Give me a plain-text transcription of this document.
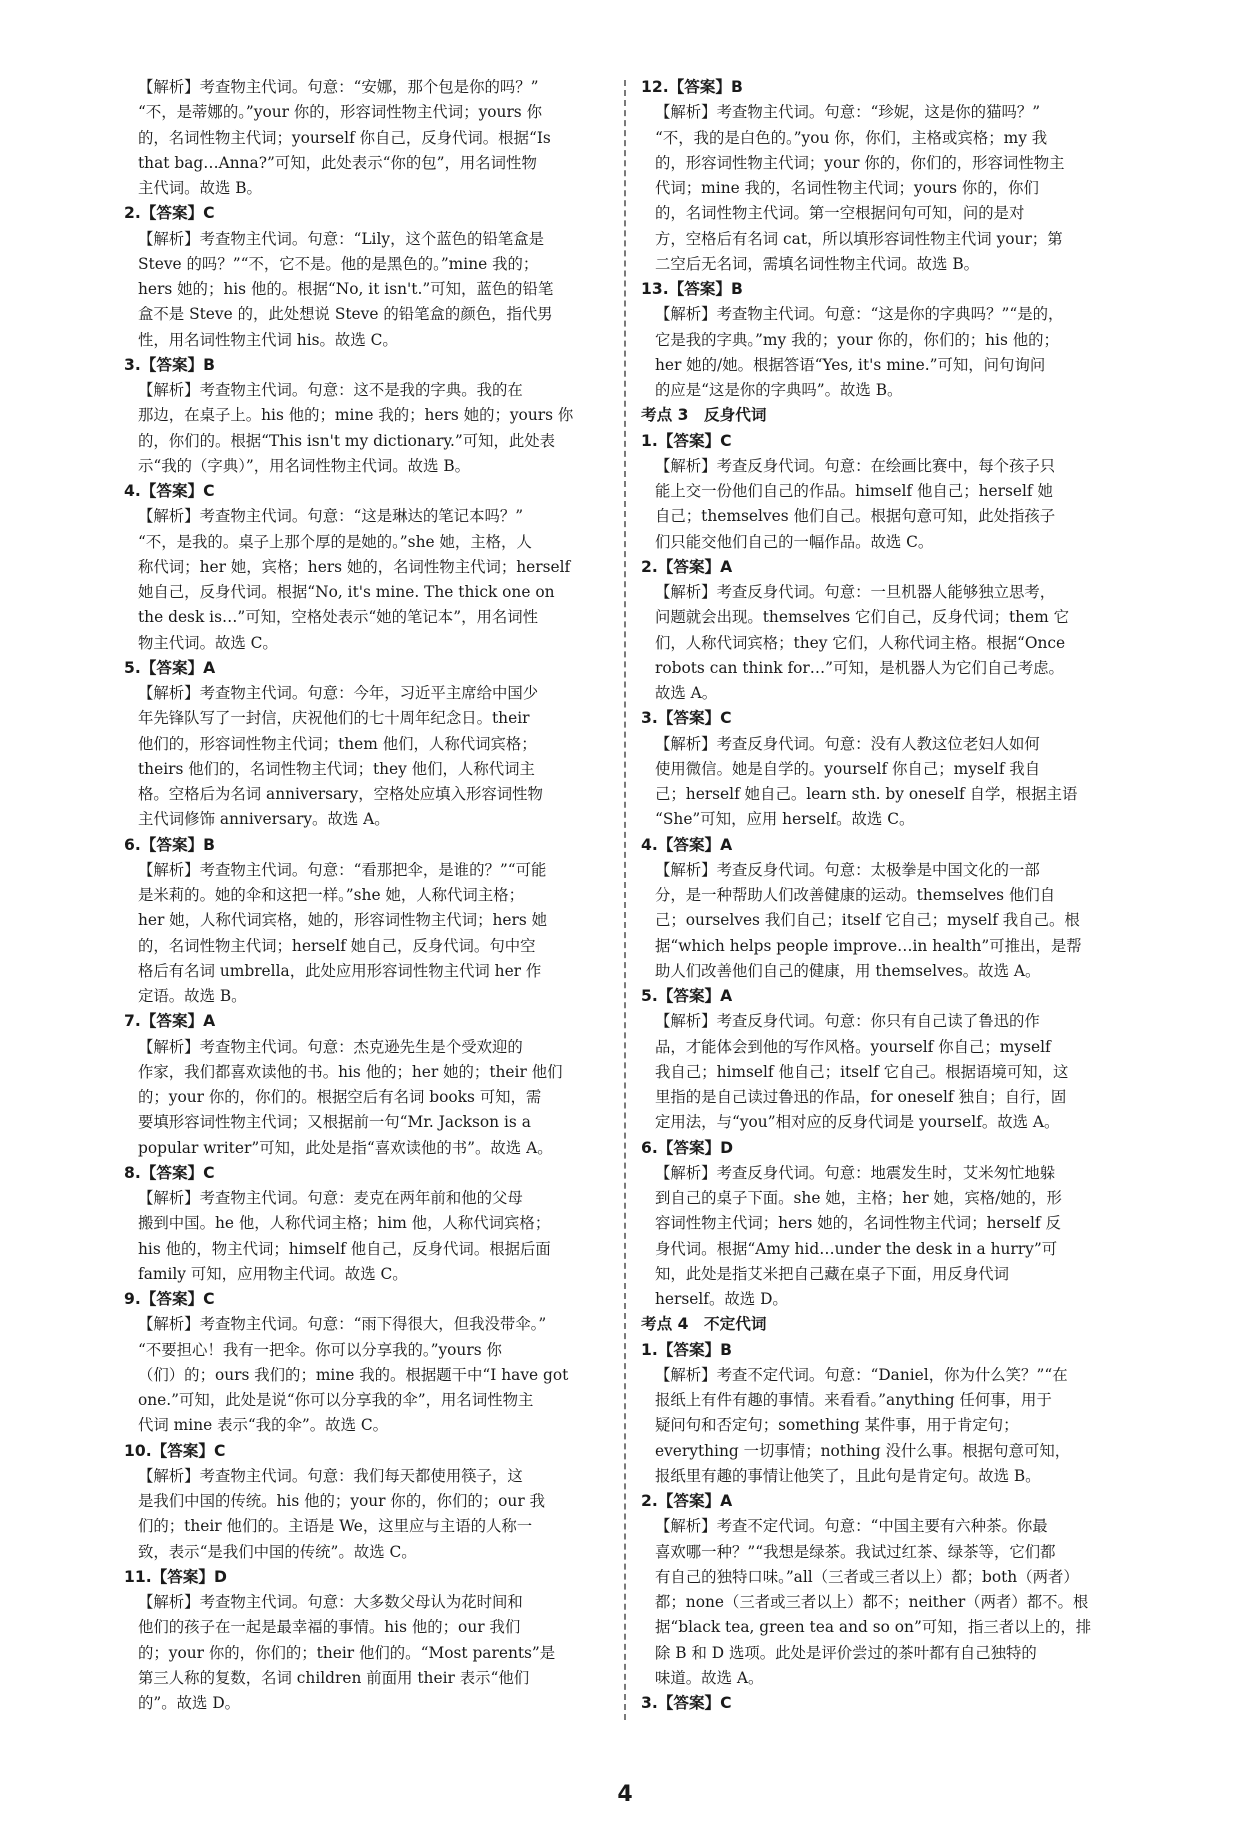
【解析】考查物主代词。句意：“安娜，那个包是你的吗？”
“不，是蒂娜的。”your 你的，形容词性物主代词；yours 你
的，名词性物主代词；yourself 你自己，反身代词。根据“Is
that bag…Anna?”可知，此处表示“你的包”，用名词性物
主代词。故选 B。
2.【答案】C
【解析】考查物主代词。句意：“Lily，这个蓝色的铅笔盒是
Steve 的吗？”“不，它不是。他的是黑色的。”mine 我的；
hers 她的；his 他的。根据“No, it isn't.”可知，蓝色的铅笔
盒不是 Steve 的，此处想说 Steve 的铅笔盒的颜色，指代男
性，用名词性物主代词 his。故选 C。
3.【答案】B
【解析】考查物主代词。句意：这不是我的字典。我的在
那边，在桌子上。his 他的；mine 我的；hers 她的；yours 你
的，你们的。根据“This isn't my dictionary.”可知，此处表
示“我的（字典）”，用名词性物主代词。故选 B。
4.【答案】C
【解析】考查物主代词。句意：“这是琳达的笔记本吗？”
“不，是我的。桌子上那个厚的是她的。”she 她，主格，人
称代词；her 她，宾格；hers 她的，名词性物主代词；herself
她自己，反身代词。根据“No, it's mine. The thick one on
the desk is…”可知，空格处表示“她的笔记本”，用名词性
物主代词。故选 C。
5.【答案】A
【解析】考查物主代词。句意：今年，习近平主席给中国少
年先锋队写了一封信，庆祝他们的七十周年纪念日。their
他们的，形容词性物主代词；them 他们，人称代词宾格；
theirs 他们的，名词性物主代词；they 他们，人称代词主
格。空格后为名词 anniversary，空格处应填入形容词性物
主代词修饰 anniversary。故选 A。
6.【答案】B
【解析】考查物主代词。句意：“看那把伞，是谁的？”“可能
是米莉的。她的伞和这把一样。”she 她，人称代词主格；
her 她，人称代词宾格，她的，形容词性物主代词；hers 她
的，名词性物主代词；herself 她自己，反身代词。句中空
格后有名词 umbrella，此处应用形容词性物主代词 her 作
定语。故选 B。
7.【答案】A
【解析】考查物主代词。句意：杰克逊先生是个受欢迎的
作家，我们都喜欢读他的书。his 他的；her 她的；their 他们
的；your 你的，你们的。根据空后有名词 books 可知，需
要填形容词性物主代词；又根据前一句“Mr. Jackson is a
popular writer”可知，此处是指“喜欢读他的书”。故选 A。
8.【答案】C
【解析】考查物主代词。句意：麦克在两年前和他的父母
搬到中国。he 他，人称代词主格；him 他，人称代词宾格；
his 他的，物主代词；himself 他自己，反身代词。根据后面
family 可知，应用物主代词。故选 C。
9.【答案】C
【解析】考查物主代词。句意：“雨下得很大，但我没带伞。”
“不要担心！我有一把伞。你可以分享我的。”yours 你
（们）的；ours 我们的；mine 我的。根据题干中“I have got
one.”可知，此处是说“你可以分享我的伞”，用名词性物主
代词 mine 表示“我的伞”。故选 C。
10.【答案】C
【解析】考查物主代词。句意：我们每天都使用筷子，这
是我们中国的传统。his 他的；your 你的，你们的；our 我
们的；their 他们的。主语是 We，这里应与主语的人称一
致，表示“是我们中国的传统”。故选 C。
11.【答案】D
【解析】考查物主代词。句意：大多数父母认为花时间和
他们的孩子在一起是最幸福的事情。his 他的；our 我们
的；your 你的，你们的；their 他们的。“Most parents”是
第三人称的复数，名词 children 前面用 their 表示“他们
的”。故选 D。
12.【答案】B
【解析】考查物主代词。句意：“珍妮，这是你的猫吗？”
“不，我的是白色的。”you 你，你们，主格或宾格；my 我
的，形容词性物主代词；your 你的，你们的，形容词性物主
代词；mine 我的，名词性物主代词；yours 你的，你们
的，名词性物主代词。第一空根据问句可知，问的是对
方，空格后有名词 cat，所以填形容词性物主代词 your；第
二空后无名词，需填名词性物主代词。故选 B。
13.【答案】B
【解析】考查物主代词。句意：“这是你的字典吗？”“是的，
它是我的字典。”my 我的；your 你的，你们的；his 他的；
her 她的/她。根据答语“Yes, it's mine.”可知，问句询问
的应是“这是你的字典吗”。故选 B。
考点 3　反身代词
1.【答案】C
【解析】考查反身代词。句意：在绘画比赛中，每个孩子只
能上交一份他们自己的作品。himself 他自己；herself 她
自己；themselves 他们自己。根据句意可知，此处指孩子
们只能交他们自己的一幅作品。故选 C。
2.【答案】A
【解析】考查反身代词。句意：一旦机器人能够独立思考，
问题就会出现。themselves 它们自己，反身代词；them 它
们，人称代词宾格；they 它们，人称代词主格。根据“Once
robots can think for…”可知，是机器人为它们自己考虑。
故选 A。
3.【答案】C
【解析】考查反身代词。句意：没有人教这位老妇人如何
使用微信。她是自学的。yourself 你自己；myself 我自
己；herself 她自己。learn sth. by oneself 自学，根据主语
“She”可知，应用 herself。故选 C。
4.【答案】A
【解析】考查反身代词。句意：太极拳是中国文化的一部
分，是一种帮助人们改善健康的运动。themselves 他们自
己；ourselves 我们自己；itself 它自己；myself 我自己。根
据“which helps people improve…in health”可推出，是帮
助人们改善他们自己的健康，用 themselves。故选 A。
5.【答案】A
【解析】考查反身代词。句意：你只有自己读了鲁迅的作
品，才能体会到他的写作风格。yourself 你自己；myself
我自己；himself 他自己；itself 它自己。根据语境可知，这
里指的是自己读过鲁迅的作品，for oneself 独自；自行，固
定用法，与“you”相对应的反身代词是 yourself。故选 A。
6.【答案】D
【解析】考查反身代词。句意：地震发生时，艾米匆忙地躲
到自己的桌子下面。she 她，主格；her 她，宾格/她的，形
容词性物主代词；hers 她的，名词性物主代词；herself 反
身代词。根据“Amy hid…under the desk in a hurry”可
知，此处是指艾米把自己藏在桌子下面，用反身代词
herself。故选 D。
考点 4　不定代词
1.【答案】B
【解析】考查不定代词。句意：“Daniel，你为什么笑？”“在
报纸上有件有趣的事情。来看看。”anything 任何事，用于
疑问句和否定句；something 某件事，用于肯定句；
everything 一切事情；nothing 没什么事。根据句意可知，
报纸里有趣的事情让他笑了，且此句是肯定句。故选 B。
2.【答案】A
【解析】考查不定代词。句意：“中国主要有六种茶。你最
喜欢哪一种？”“我想是绿茶。我试过红茶、绿茶等，它们都
有自己的独特口味。”all（三者或三者以上）都；both（两者）
都；none（三者或三者以上）都不；neither（两者）都不。根
据“black tea, green tea and so on”可知，指三者以上的，排
除 B 和 D 选项。此处是评价尝过的茶叶都有自己独特的
味道。故选 A。
3.【答案】C
4
